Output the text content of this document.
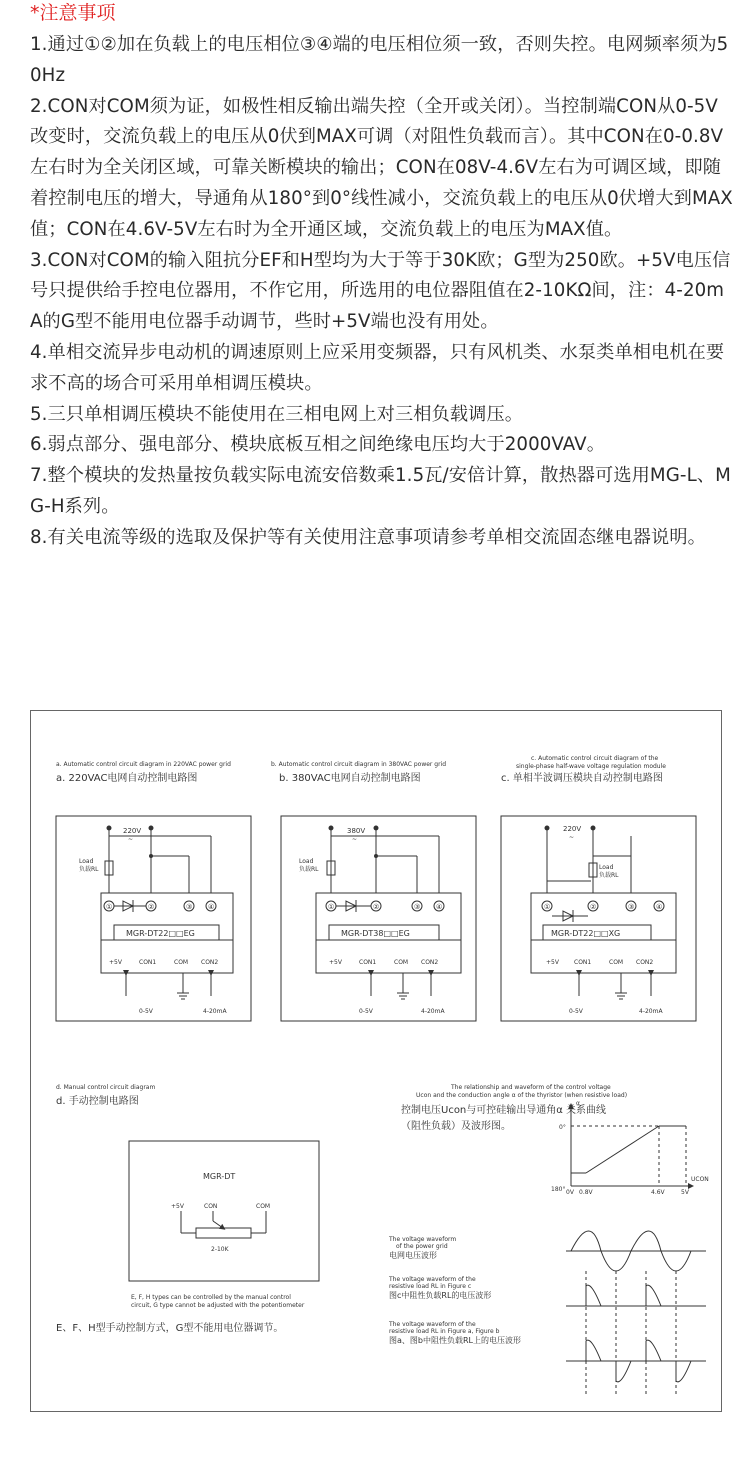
*注意事项

1.通过①②加在负载上的电压相位③④端的电压相位须一致，否则失控。电网频率须为50Hz

2.CON对COM须为证，如极性相反输出端失控（全开或关闭）。当控制端CON从0-5V改变时，交流负载上的电压从0伏到MAX可调（对阻性负载而言）。其中CON在0-0.8V左右时为全关闭区域，可靠关断模块的输出；CON在08V-4.6V左右为可调区域，即随着控制电压的增大，导通角从180°到0°线性减小，交流负载上的电压从0伏增大到MAX值；CON在4.6V-5V左右时为全开通区域，交流负载上的电压为MAX值。

3.CON对COM的输入阻抗分EF和H型均为大于等于30K欧；G型为250欧。+5V电压信号只提供给手控电位器用，不作它用，所选用的电位器阻值在2-10KΩ间，注：4-20mA的G型不能用电位器手动调节，些时+5V端也没有用处。

4.单相交流异步电动机的调速原则上应采用变频器，只有风机类、水泵类单相电机在要求不高的场合可采用单相调压模块。

5.三只单相调压模块不能使用在三相电网上对三相负载调压。

6.弱点部分、强电部分、模块底板互相之间绝缘电压均大于2000VAV。

7.整个模块的发热量按负载实际电流安倍数乘1.5瓦/安倍计算，散热器可选用MG-L、MG-H系列。

8.有关电流等级的选取及保护等有关使用注意事项请参考单相交流固态继电器说明。

a. Automatic control circuit diagram in 220VAC power grid
a. 220VAC电网自动控制电路图
220V
~
Load
负载RL
①	②	③ ④
MGR-DT22□□EG
+5V	CON1	COM CON2
0-5V	4-20mA
b. Automatic control circuit diagram in 380VAC power grid
b. 380VAC电网自动控制电路图
380V
~
Load
负载RL
①	②	③ ④
MGR-DT38□□EG
+5V	CON1	COM CON2
0-5V	4-20mA
c. Automatic control circuit diagram of the
single-phase half-wave voltage regulation module
c. 单相半波调压模块自动控制电路图
220V
~
Load
负载RL
①	②	③	④
MGR-DT22□□XG
+5V	CON1	COM CON2
0-5V	4-20mA
d. Manual control circuit diagram
d. 手动控制电路图
MGR-DT
+5V	CON	COM
2-10K
E, F, H types can be controlled by the manual control
circuit, G type cannot be adjusted with the potentiometer
E、F、H型手动控制方式，G型不能用电位器调节。
The relationship and waveform of the control voltage
Ucon and the conduction angle α of the thyristor (when resistive load)
控制电压Ucon与可控硅输出导通角α 关系曲线
（阻性负载）及波形图。
α
0°
180°
UCON
0V 0.8V	4.6V	5V
The voltage waveform
of the power grid
电网电压波形
The voltage waveform of the
resistive load RL in Figure c
图c中阻性负载RL的电压波形
The voltage waveform of the
resistive load RL in Figure a, Figure b
图a、图b中阻性负载RL上的电压波形
